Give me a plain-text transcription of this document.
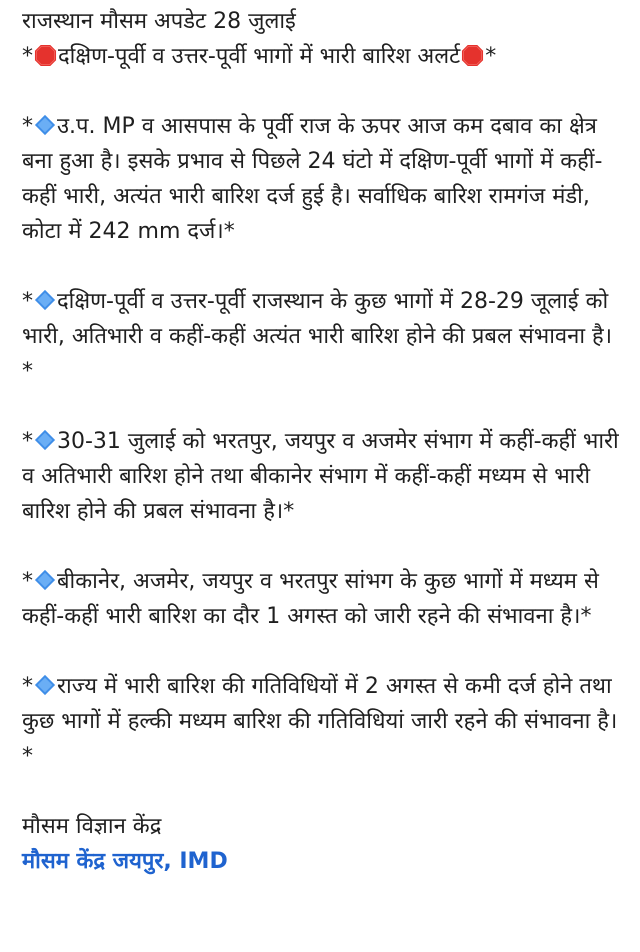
राजस्थान मौसम अपडेट 28 जुलाई
* दक्षिण-पूर्वी व उत्तर-पूर्वी भागों में भारी बारिश अलर्ट *
* उ.प. MP व आसपास के पूर्वी राज के ऊपर आज कम दबाव का क्षेत्र बना हुआ है। इसके प्रभाव से पिछले 24 घंटो में दक्षिण-पूर्वी भागों में कहीं-कहीं भारी, अत्यंत भारी बारिश दर्ज हुई है। सर्वाधिक बारिश रामगंज मंडी, कोटा में 242 mm दर्ज।*
* दक्षिण-पूर्वी व उत्तर-पूर्वी राजस्थान के कुछ भागों में 28-29 जूलाई को भारी, अतिभारी व कहीं-कहीं अत्यंत भारी बारिश होने की प्रबल संभावना है।*
* 30-31 जुलाई को भरतपुर, जयपुर व अजमेर संभाग में कहीं-कहीं भारी व अतिभारी बारिश होने तथा बीकानेर संभाग में कहीं-कहीं मध्यम से भारी बारिश होने की प्रबल संभावना है।*
* बीकानेर, अजमेर, जयपुर व भरतपुर सांभग के कुछ भागों में मध्यम से कहीं-कहीं भारी बारिश का दौर 1 अगस्त को जारी रहने की संभावना है।*
* राज्य में भारी बारिश की गतिविधियों में 2 अगस्त से कमी दर्ज होने तथा कुछ भागों में हल्की मध्यम बारिश की गतिविधियां जारी रहने की संभावना है।*
मौसम विज्ञान केंद्र
मौसम केंद्र जयपुर, IMD
